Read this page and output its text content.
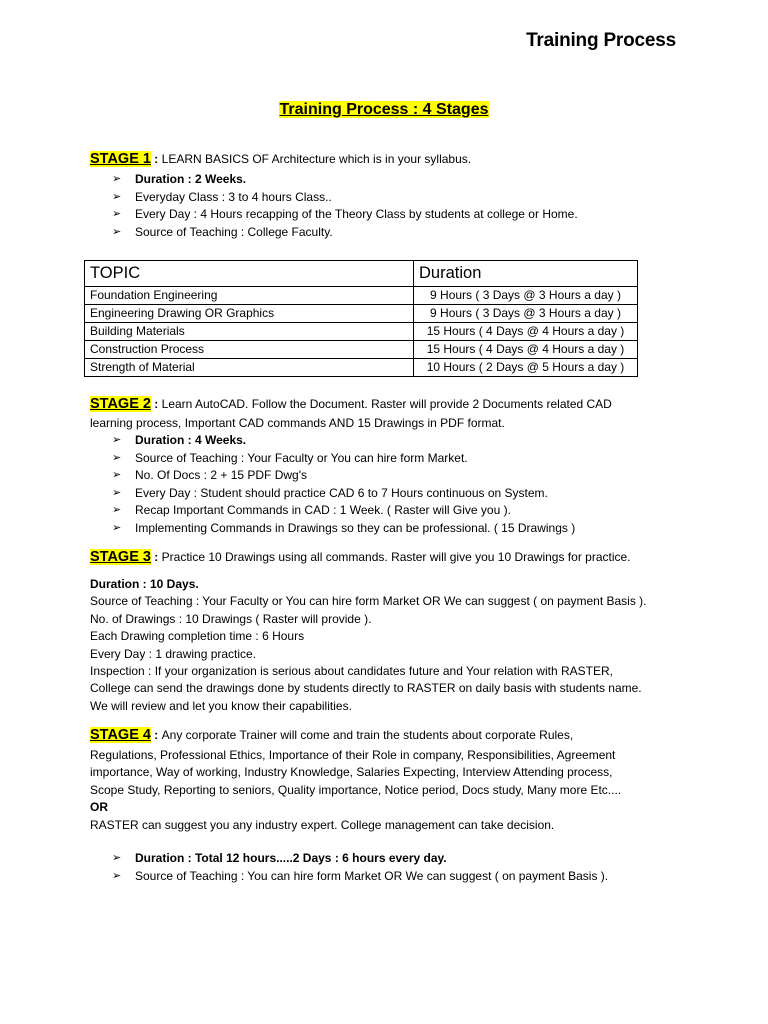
Training Process
Training Process : 4 Stages
STAGE 1 : LEARN BASICS OF Architecture which is in your syllabus.
➢ Duration : 2 Weeks.
➢ Everyday Class : 3 to 4 hours Class..
➢ Every Day : 4 Hours recapping of the Theory Class by students at college or Home.
➢ Source of Teaching : College Faculty.
TOPIC	Duration
Foundation Engineering	9 Hours ( 3 Days @ 3 Hours a day )
Engineering Drawing OR Graphics	9 Hours ( 3 Days @ 3 Hours a day )
Building Materials	15 Hours ( 4 Days @ 4 Hours a day )
Construction Process	15 Hours ( 4 Days @ 4 Hours a day )
Strength of Material	10 Hours ( 2 Days @ 5 Hours a day )
STAGE 2 : Learn AutoCAD. Follow the Document. Raster will provide 2 Documents related CAD
learning process, Important CAD commands AND 15 Drawings in PDF format.
➢ Duration : 4 Weeks.
➢ Source of Teaching : Your Faculty or You can hire form Market.
➢ No. Of Docs : 2 + 15 PDF Dwg's
➢ Every Day : Student should practice CAD 6 to 7 Hours continuous on System.
➢ Recap Important Commands in CAD : 1 Week. ( Raster will Give you ).
➢ Implementing Commands in Drawings so they can be professional. ( 15 Drawings )
STAGE 3 : Practice 10 Drawings using all commands. Raster will give you 10 Drawings for practice.
Duration : 10 Days.
Source of Teaching : Your Faculty or You can hire form Market OR We can suggest ( on payment Basis ).
No. of Drawings : 10 Drawings ( Raster will provide ).
Each Drawing completion time : 6 Hours
Every Day : 1 drawing practice.
Inspection : If your organization is serious about candidates future and Your relation with RASTER,
College can send the drawings done by students directly to RASTER on daily basis with students name.
We will review and let you know their capabilities.
STAGE 4 : Any corporate Trainer will come and train the students about corporate Rules,
Regulations, Professional Ethics, Importance of their Role in company, Responsibilities, Agreement
importance, Way of working, Industry Knowledge, Salaries Expecting, Interview Attending process,
Scope Study, Reporting to seniors, Quality importance, Notice period, Docs study, Many more Etc....
OR
RASTER can suggest you any industry expert. College management can take decision.
➢ Duration : Total 12 hours.....2 Days : 6 hours every day.
➢ Source of Teaching : You can hire form Market OR We can suggest ( on payment Basis ).
